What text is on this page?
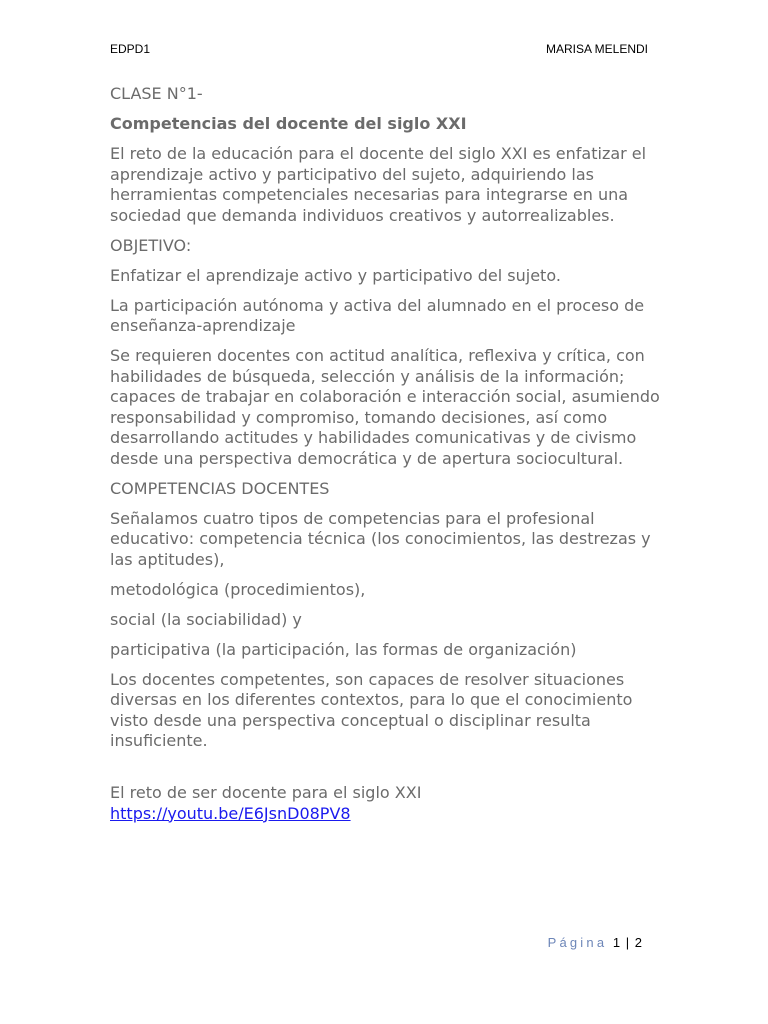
EDPD1	MARISA MELENDI

CLASE N°1-

Competencias del docente del siglo XXI

El reto de la educación para el docente del siglo XXI es enfatizar el aprendizaje activo y participativo del sujeto, adquiriendo las herramientas competenciales necesarias para integrarse en una sociedad que demanda individuos creativos y autorrealizables.

OBJETIVO:

Enfatizar el aprendizaje activo y participativo del sujeto.

La participación autónoma y activa del alumnado en el proceso de enseñanza-aprendizaje

Se requieren docentes con actitud analítica, reflexiva y crítica, con habilidades de búsqueda, selección y análisis de la información; capaces de trabajar en colaboración e interacción social, asumiendo responsabilidad y compromiso, tomando decisiones, así como desarrollando actitudes y habilidades comunicativas y de civismo desde una perspectiva democrática y de apertura sociocultural.

COMPETENCIAS DOCENTES

Señalamos cuatro tipos de competencias para el profesional educativo: competencia técnica (los conocimientos, las destrezas y las aptitudes),

metodológica (procedimientos),

social (la sociabilidad) y

participativa (la participación, las formas de organización)

Los docentes competentes, son capaces de resolver situaciones diversas en los diferentes contextos, para lo que el conocimiento visto desde una perspectiva conceptual o disciplinar resulta insuficiente.

El reto de ser docente para el siglo XXI

https://youtu.be/E6JsnD08PV8
Página 1 | 2
